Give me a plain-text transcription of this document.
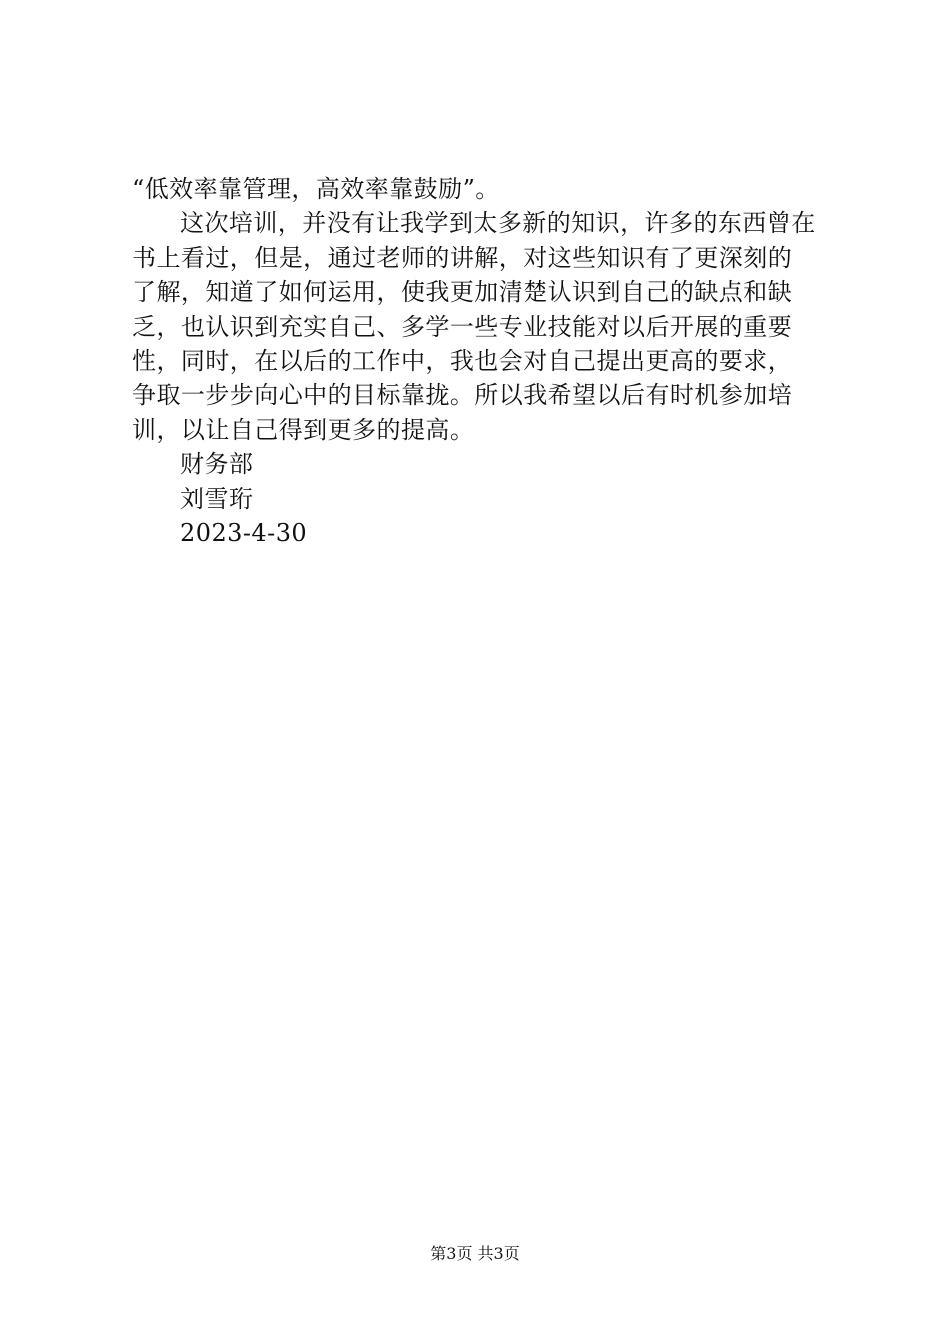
“低效率靠管理，高效率靠鼓励”。
这次培训，并没有让我学到太多新的知识，许多的东西曾在
书上看过，但是，通过老师的讲解，对这些知识有了更深刻的
了解，知道了如何运用，使我更加清楚认识到自己的缺点和缺
乏，也认识到充实自己、多学一些专业技能对以后开展的重要
性，同时，在以后的工作中，我也会对自己提出更高的要求，
争取一步步向心中的目标靠拢。所以我希望以后有时机参加培
训，以让自己得到更多的提高。
财务部
刘雪珩
2023-4-30
第3页 共3页
